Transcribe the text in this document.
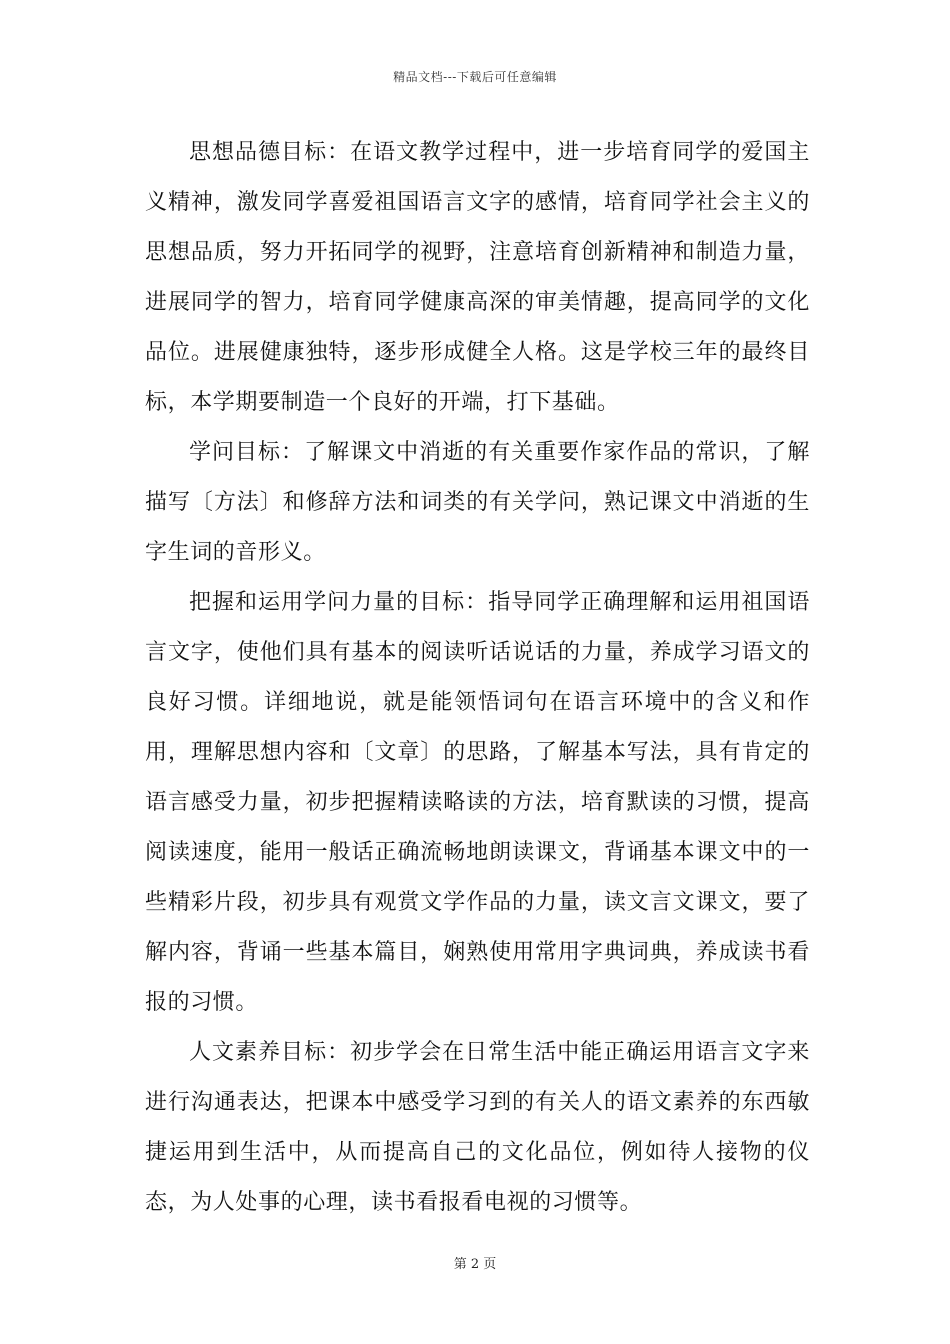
精品文档---下载后可任意编辑

思想品德目标：在语文教学过程中，进一步培育同学的爱国主义精神，激发同学喜爱祖国语言文字的感情，培育同学社会主义的思想品质，努力开拓同学的视野，注意培育创新精神和制造力量，进展同学的智力，培育同学健康高深的审美情趣，提高同学的文化品位。进展健康独特，逐步形成健全人格。这是学校三年的最终目标，本学期要制造一个良好的开端，打下基础。

学问目标：了解课文中消逝的有关重要作家作品的常识，了解描写〔方法〕和修辞方法和词类的有关学问，熟记课文中消逝的生字生词的音形义。

把握和运用学问力量的目标：指导同学正确理解和运用祖国语言文字，使他们具有基本的阅读听话说话的力量，养成学习语文的良好习惯。详细地说，就是能领悟词句在语言环境中的含义和作用，理解思想内容和〔文章〕的思路，了解基本写法，具有肯定的语言感受力量，初步把握精读略读的方法，培育默读的习惯，提高阅读速度，能用一般话正确流畅地朗读课文，背诵基本课文中的一些精彩片段，初步具有观赏文学作品的力量，读文言文课文，要了解内容，背诵一些基本篇目，娴熟使用常用字典词典，养成读书看报的习惯。

人文素养目标：初步学会在日常生活中能正确运用语言文字来进行沟通表达，把课本中感受学习到的有关人的语文素养的东西敏捷运用到生活中，从而提高自己的文化品位，例如待人接物的仪态，为人处事的心理，读书看报看电视的习惯等。

第 2 页
